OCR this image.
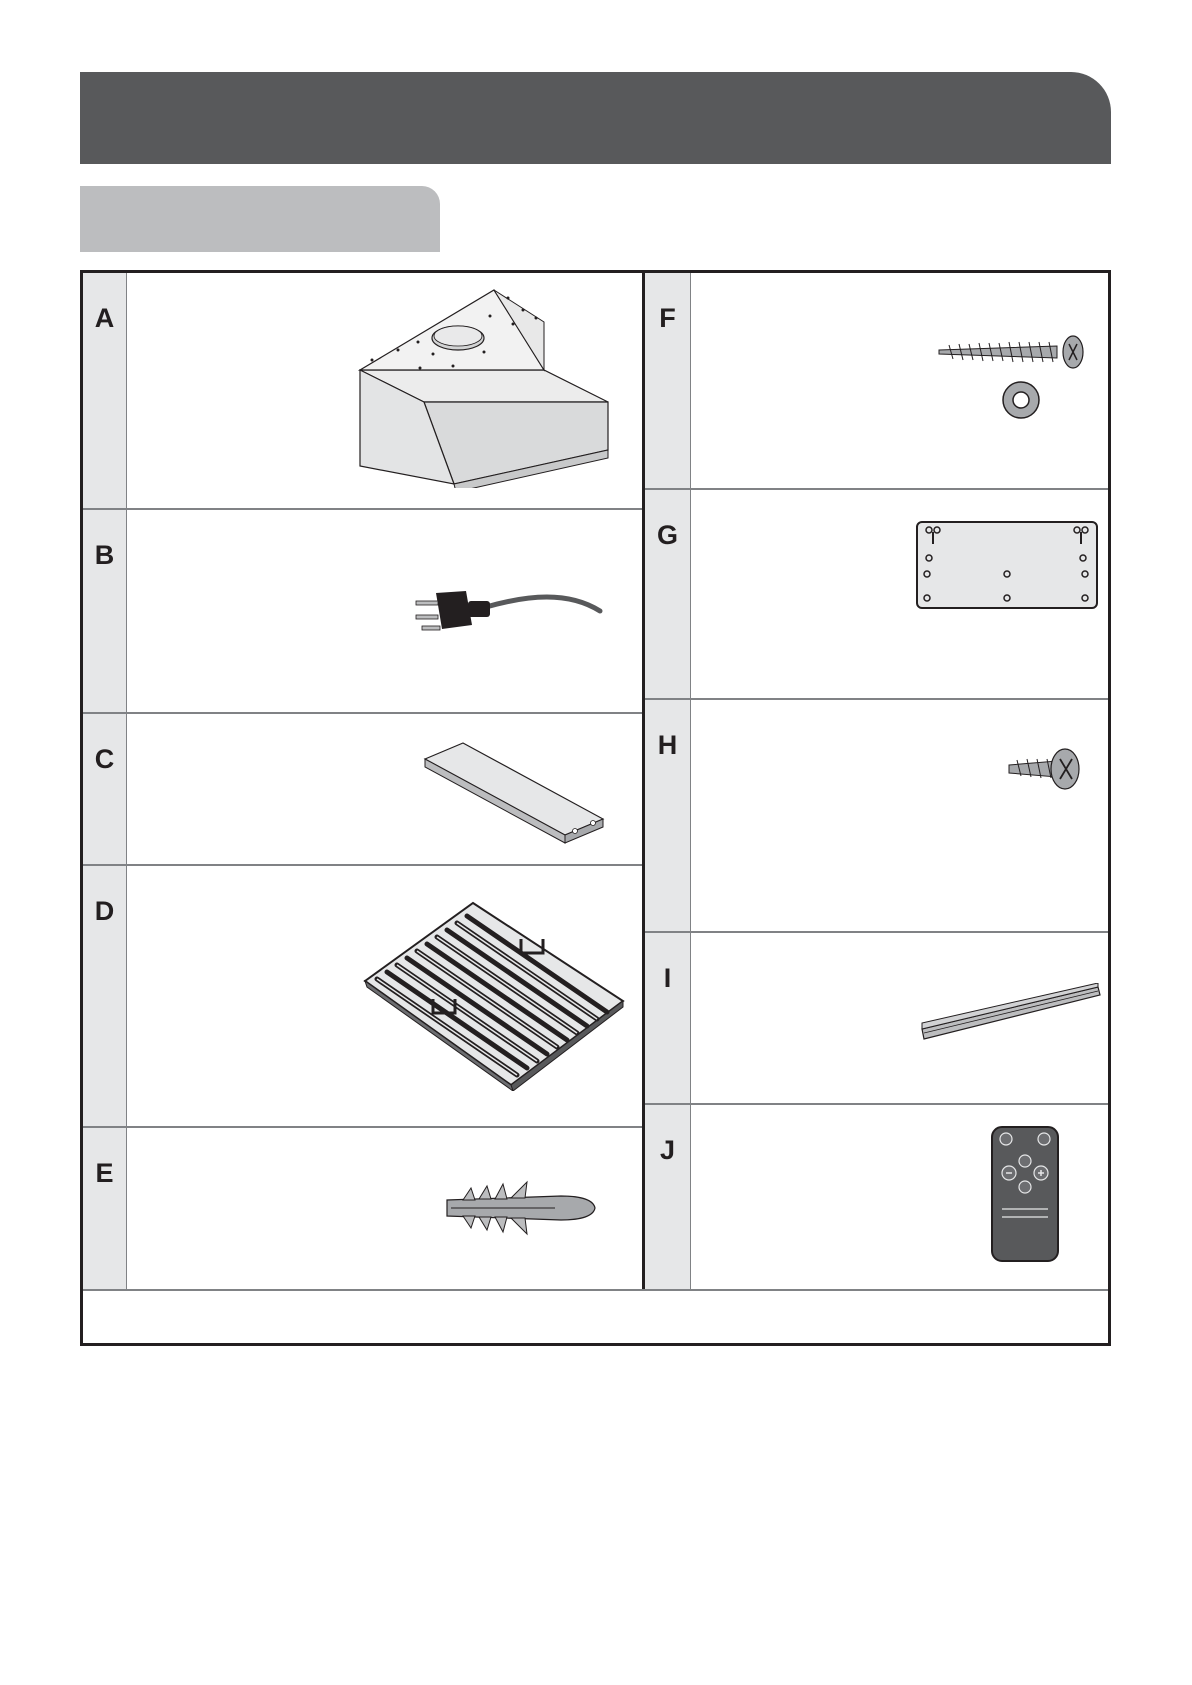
A
B
C
D
E
F
G
H
I
J
